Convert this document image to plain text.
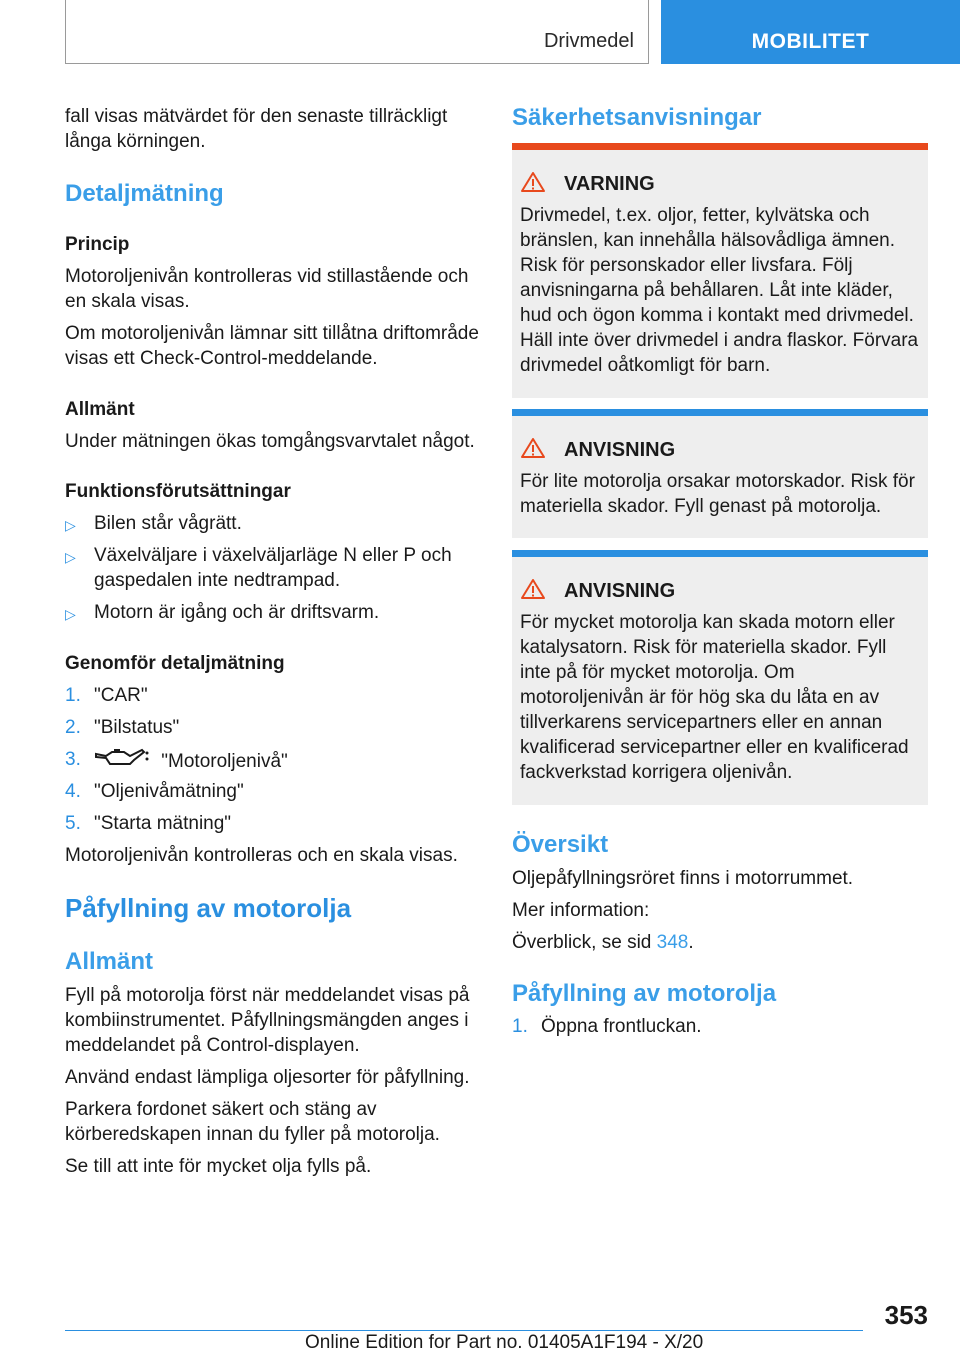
Drivmedel	MOBILITET
fall visas mätvärdet för den senaste tillräckligt långa körningen.
Detaljmätning
Princip
Motoroljenivån kontrolleras vid stillastående och en skala visas.
Om motoroljenivån lämnar sitt tillåtna driftområde visas ett Check-Control-meddelande.
Allmänt
Under mätningen ökas tomgångsvarvtalet något.
Funktionsförutsättningar
▷ Bilen står vågrätt.
▷ Växelväljare i växelväljarläge N eller P och gaspedalen inte nedtrampad.
▷ Motorn är igång och är driftsvarm.
Genomför detaljmätning
1. "CAR"
2. "Bilstatus"
3.	"Motoroljenivå"
4. "Oljenivåmätning"
5. "Starta mätning"
Motoroljenivån kontrolleras och en skala visas.
Påfyllning av motorolja
Allmänt
Fyll på motorolja först när meddelandet visas på kombiinstrumentet. Påfyllningsmängden anges i meddelandet på Control-displayen.
Använd endast lämpliga oljesorter för påfyllning.
Parkera fordonet säkert och stäng av körberedskapen innan du fyller på motorolja.
Se till att inte för mycket olja fylls på.
Säkerhetsanvisningar
VARNING
Drivmedel, t.ex. oljor, fetter, kylvätska och bränslen, kan innehålla hälsovådliga ämnen. Risk för personskador eller livsfara. Följ anvisningarna på behållaren. Låt inte kläder, hud och ögon komma i kontakt med drivmedel. Häll inte över drivmedel i andra flaskor. Förvara drivmedel oåtkomligt för barn.
ANVISNING
För lite motorolja orsakar motorskador. Risk för materiella skador. Fyll genast på motorolja.
ANVISNING
För mycket motorolja kan skada motorn eller katalysatorn. Risk för materiella skador. Fyll inte på för mycket motorolja. Om motoroljenivån är för hög ska du låta en av tillverkarens servicepartners eller en annan kvalificerad servicepartner eller en kvalificerad fackverkstad korrigera oljenivån.
Översikt
Oljepåfyllningsröret finns i motorrummet.
Mer information:
Överblick, se sid 348.
Påfyllning av motorolja
1. Öppna frontluckan.
353
Online Edition for Part no. 01405A1F194 - X/20
